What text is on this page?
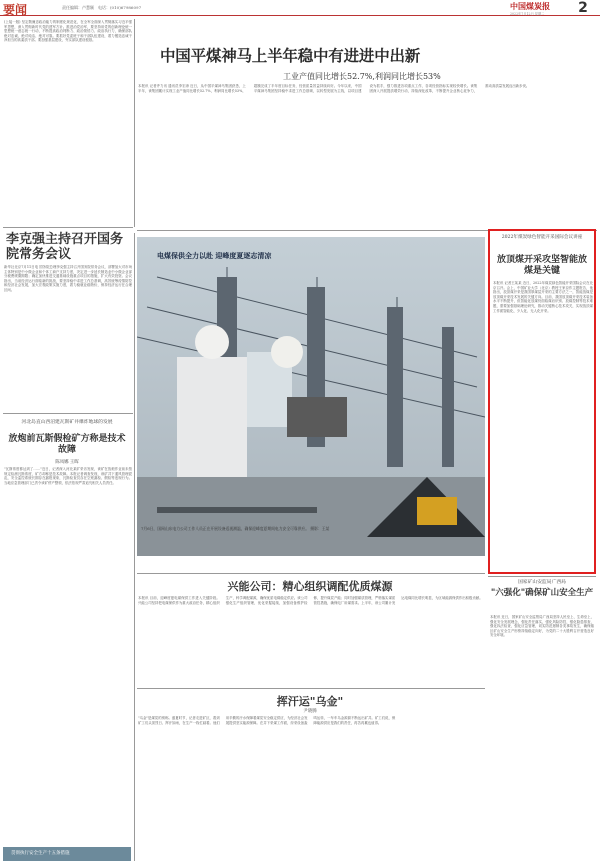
要闻	责任编辑：卢慧颖　电话：(010)67986097	中国煤炭报
2022年7月12日 星期二	2
(上接一版) 坚定敬廉忠政治能力的制度化规范化，在全军全面深入贯彻落实习近平强军思想，深入贯彻新时代党的建军方针。推进治党治军，要坚持用党的创新理论统一思想统一意志统一行动，不断提高政治判断力、政治领悟力、政治执行力，确保部队绝对忠诚、绝对纯洁、绝对可靠。要抓好党委班子和干部队伍建设，着力锻造忠诚干净担当的高素质干部。要加强基层建设，夯实部队建设根基。
李克强主持召开国务院常务会议
新华社北京7月11日电 国务院总理李克强主持召开国务院常务会议，部署加大对市场主体特别是中小微企业和个体工商户支持力度，决定进一步延长制造业中小微企业部分税费缓缴期限；确定加快推进交通基础设施重点项目的措施，扩大有效投资。会议指出，当前经济运行面临新的挑战，要坚持稳中求进工作总基调，高效统筹疫情防控和经济社会发展，加大宏观政策实施力度，着力稳就业稳物价，保持经济运行在合理区间。
河北岛直山西沼建瓦斯矿井爆炸地球的发展
放炮前瓦斯假检矿方称是技术故障
陈凤娜 王晖
"瓦斯浓度都达到了……"近日，记者深入河北某矿采访发现，该矿在放炮作业前未按规定检测瓦斯浓度，矿方却称是技术故障。本报记者调查发现，该矿井下通风管理混乱，安全监控系统长期存在漏报现象，瓦斯检查员存在空班漏检、假检等违规行为。当地应急管理部门已责令该矿停产整顿，依法依规严肃追究相关人员责任。
贯彻执行安全生产十五条措施
中国平煤神马上半年稳中有进进中出新
工业产值同比增长52.7%,利润同比增长53%
本报讯 记者齐力讯 通讯员李宏涛 近日，从中国平煤神马集团获悉，上半年，该集团累计实现工业产值同比增长52.7%，利润同比增长53%，超额完成了半年度目标任务，经营质量效益持续向好。今年以来，中国平煤神马集团坚持稳中求进工作总基调，以转型发展为主线，以项目建设为抓手，强力推进各项重点工作，各项经营指标实现较快增长。该集团深入开展提质增效行动，持续深化改革，不断提升企业核心竞争力，推动高质量发展迈出新步伐。
电煤保供全力以赴 迎峰度夏逐志清凉
7月6日，国网山东电力公司工作人员正在开展设备巡视测温，确保迎峰度夏期间电力安全可靠供应。 摄影：王某
2022年煤炭绿色智能开采国际会议讲座
放顶煤开采攻坚智能放煤是关键
本报讯 记者王某某 近日，2022年煤炭绿色智能开采国际会议在北京召开。会上，中国矿业大学（北京）教授王家臣作主题报告，他指出，放顶煤开采是我国厚煤层开采的主要方法之一，智能放煤是放顶煤开采技术发展的关键方向。目前，我国放顶煤开采技术装备水平不断提升，但智能化放煤仍面临煤岩识别、放煤控制等技术难题，需要加强基础理论研究，推动关键核心技术攻关，实现放顶煤工作面智能化、少人化、无人化开采。
国家矿山安监局广西局
"六强化"确保矿山安全生产
本报讯 近日，国家矿山安全监察局广西局坚持人民至上、生命至上，强化安全发展理念，强化责任落实，强化风险防控，强化隐患排查，强化执法检查，强化应急管理，切实防范遏制各类事故发生，确保辖区矿山安全生产形势持续稳定向好，为党的二十大胜利召开营造良好安全环境。
兴能公司：精心组织调配优质煤源
本报讯 目前，迎峰度夏电煤保供工作进入关键阶段。兴能公司坚持把电煤保供作为重大政治任务，精心组织生产，科学调配煤源，确保优质电煤稳定供应。该公司强化生产组织管理，优化采掘接续，加强设备维护检修，提升煤炭产能；同时加强煤质管理，严格落实煤质管控措施，确保电厂用煤需求。上半年，该公司累计发运电煤同比增长明显，为区域能源保供作出积极贡献。
挥汗运"乌金"
尹晓腾
"乌金"是煤炭的别称。盛夏时节，记者走进矿区，看到矿工们头顶烈日、挥汗如雨，在生产一线忙碌着。他们用辛勤的汗水保障着煤炭安全稳定供应，为经济社会发展提供坚实能源保障。在井下采煤工作面，综采设备轰鸣运转，一车车乌金源源不断运出矿井。矿工们说，保障能源供应是我们的责任，再苦再累也值得。
